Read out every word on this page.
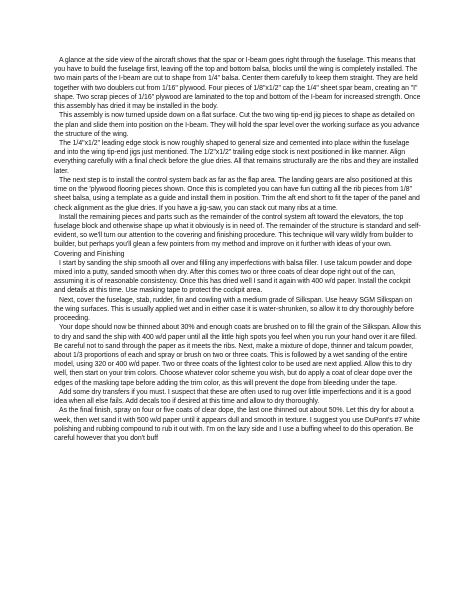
A glance at the side view of the aircraft shows that the spar or I-beam goes right through the fuselage. This means that you have to build the fuselage first, leaving off the top and bottom balsa, blocks until the wing is completely installed. The two main parts of the I-beam are cut to shape from 1/4" balsa. Center them carefully to keep them straight. They are held together with two doublers cut from 1/16" plywood. Four pieces of 1/8"x1/2" cap the 1/4" sheet spar beam, creating an "I" shape. Two scrap pieces of 1/16" plywood are laminated to the top and bottom of the I-beam for increased strength. Once this assembly has dried it may be installed in the body.

This assembly is now turned upside down on a flat surface. Cut the two wing tip-end jig pieces to shape as detailed on the plan and slide them into position on the I-beam. They will hold the spar level over the working surface as you advance the structure of the wing.

The 1/4"x1/2" leading edge stock is now roughly shaped to general size and cemented into place within the fuselage and into the wing tip-end jigs just mentioned. The 1/2"x1/2" trailing edge stock is next positioned in like manner. Align everything carefully with a final check before the glue dries. All that remains structurally are the ribs and they are installed later.

The next step is to install the control system back as far as the flap area. The landing gears are also positioned at this time on the 'plywood flooring pieces shown. Once this is completed you can have fun cutting all the rib pieces from 1/8" sheet balsa, using a template as a guide and install them in position. Trim the aft end short to fit the taper of the panel and check alignment as the glue dries. If you have a jig-saw, you can stack cut many ribs at a time.

Install the remaining pieces and parts such as the remainder of the control system aft toward the elevators, the top fuselage block and otherwise shape up what it obviously is in need of. The remainder of the structure is standard and self-evident, so we'll turn our attention to the covering and finishing procedure. This technique will vary wildly from builder to builder, but perhaps you'll glean a few pointers from my method and improve on it further with ideas of your own.

Covering and Finishing

I start by sanding the ship smooth all over and filling any imperfections with balsa filler. I use talcum powder and dope mixed into a putty, sanded smooth when dry. After this comes two or three coats of clear dope right out of the can, assuming it is of reasonable consistency. Once this has dried well I sand it again with 400 w/d paper. Install the cockpit and details at this time. Use masking tape to protect the cockpit area.

Next, cover the fuselage, stab, rudder, fin and cowling with a medium grade of Silkspan. Use heavy SGM Silkspan on the wing surfaces. This is usually applied wet and in either case it is water-shrunken, so allow it to dry thoroughly before proceeding.

Your dope should now be thinned about 30% and enough coats are brushed on to fill the grain of the Silkspan. Allow this to dry and sand the ship with 400 w/d paper until all the little high spots you feel when you run your hand over it are filled. Be careful not to sand through the paper as it meets the ribs. Next, make a mixture of dope, thinner and talcum powder, about 1/3 proportions of each and spray or brush on two or three coats. This is followed by a wet sanding of the entire model, using 320 or 400 w/d paper. Two or three coats of the lightest color to be used are next applied. Allow this to dry well, then start on your trim colors. Choose whatever color scheme you wish, but do apply a coat of clear dope over the edges of the masking tape before adding the trim color, as this will prevent the dope from bleeding under the tape.

Add some dry transfers if you must. I suspect that these are often used to rug over little imperfections and it is a good idea when all else fails. Add decals too if desired at this time and allow to dry thoroughly.

As the final finish, spray on four or five coats of clear dope, the last one thinned out about 50%. Let this dry for about a week, then wet sand it with 500 w/d paper until it appears dull and smooth in texture. I suggest you use DuPont's #7 white polishing and rubbing compound to rub it out with. I'm on the lazy side and I use a buffing wheel to do this operation. Be careful however that you don't buff
